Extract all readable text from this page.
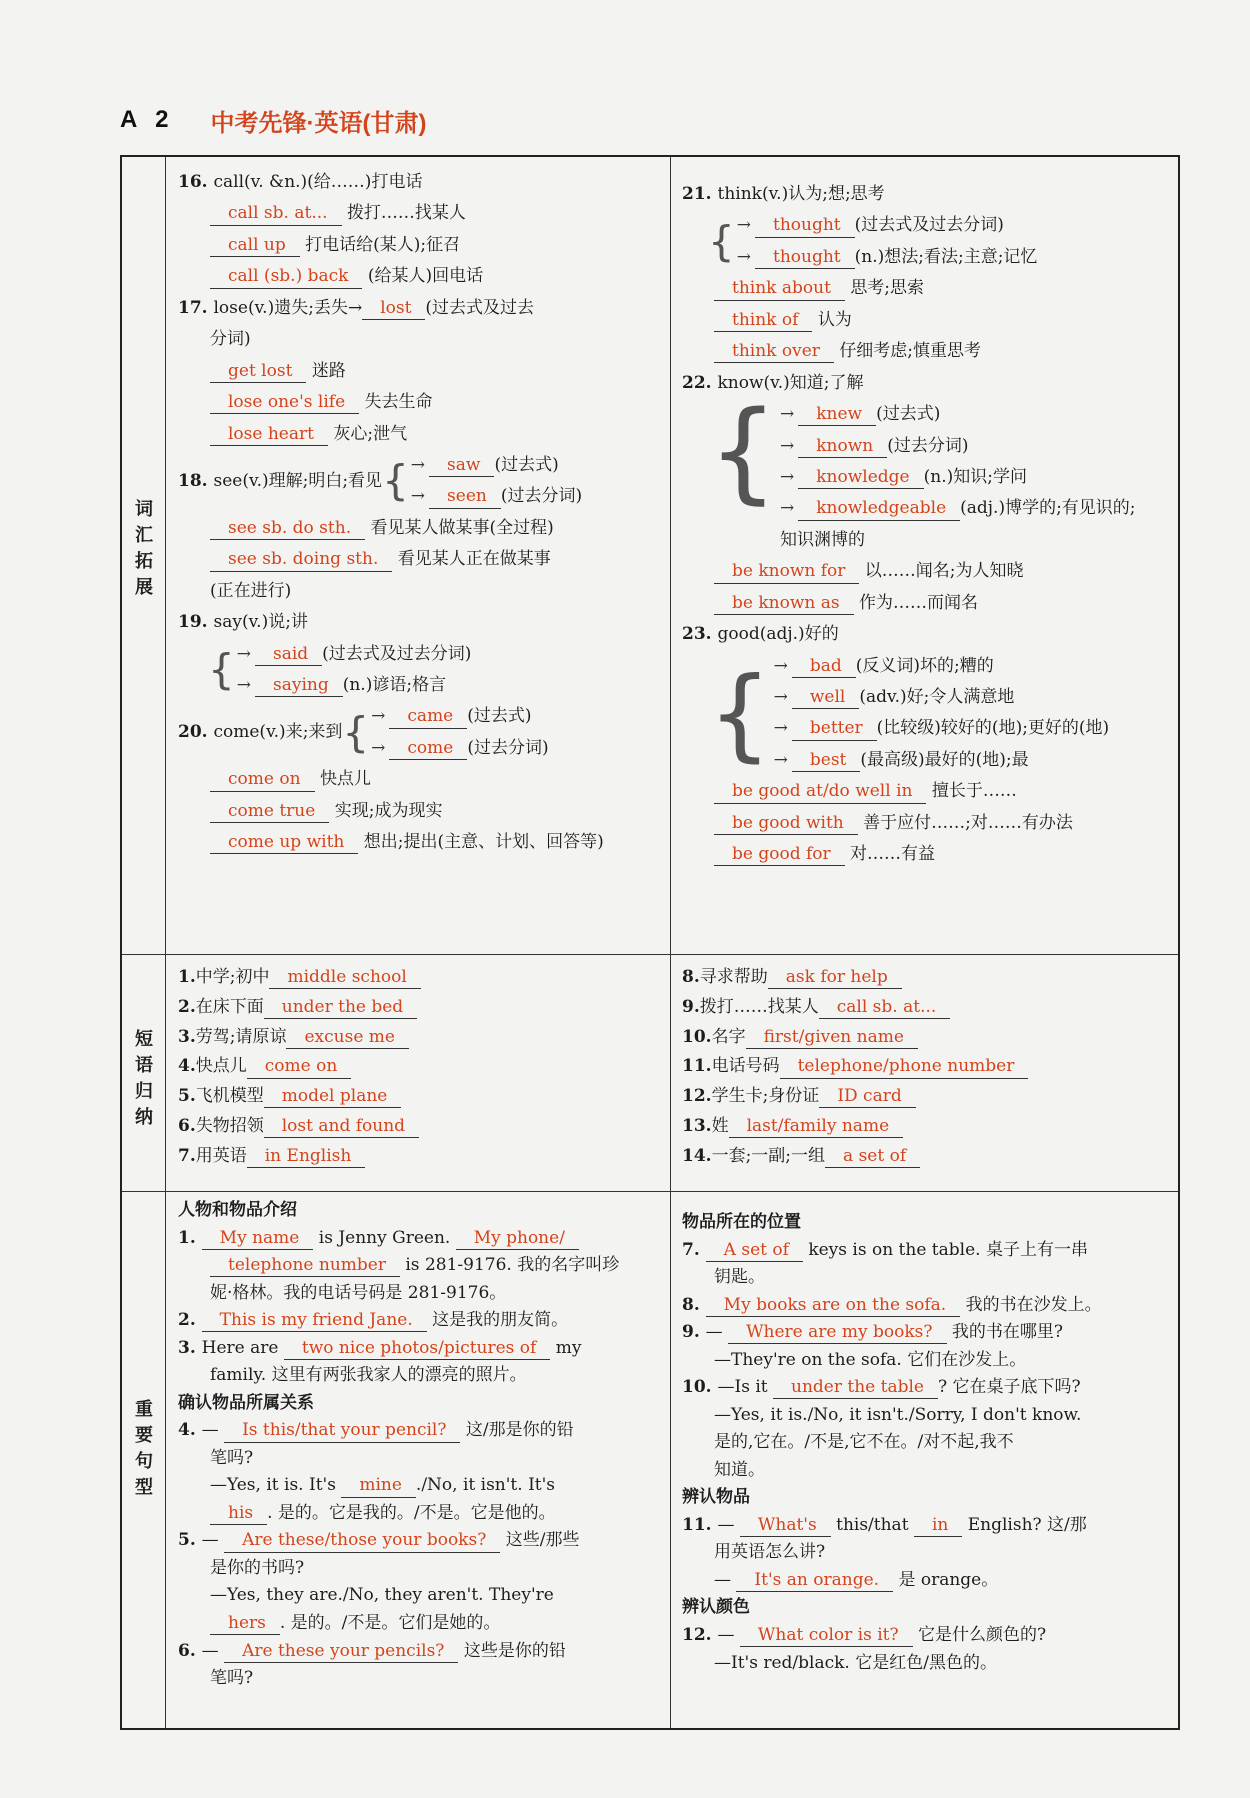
A 2 中考先锋·英语(甘肃)
词汇拓展
短语归纳
重要句型
16. call(v. &n.)(给……)打电话
call sb. at... 拨打……找某人
call up 打电话给(某人);征召
call (sb.) back (给某人)回电话
17. lose(v.)遗失;丢失→ lost (过去式及过去
分词)
get lost 迷路
lose one's life 失去生命
lose heart 灰心;泄气
18. see(v.)理解;明白;看见 { → saw (过去式)
→ seen (过去分词)
see sb. do sth. 看见某人做某事(全过程)
see sb. doing sth. 看见某人正在做某事
(正在进行)
19. say(v.)说;讲
{ → said (过去式及过去分词)
→ saying (n.)谚语;格言
20. come(v.)来;来到 { → came (过去式)
→ come (过去分词)
come on 快点儿
come true 实现;成为现实
come up with 想出;提出(主意、计划、回答等)
21. think(v.)认为;想;思考
{ → thought (过去式及过去分词)
→ thought (n.)想法;看法;主意;记忆
think about 思考;思索
think of 认为
think over 仔细考虑;慎重思考
22. know(v.)知道;了解
{ → knew (过去式)
→ known (过去分词)
→ knowledge (n.)知识;学问
→ knowledgeable (adj.)博学的;有见识的;
知识渊博的
be known for 以……闻名;为人知晓
be known as 作为……而闻名
23. good(adj.)好的
{ → bad (反义词)坏的;糟的
→ well (adv.)好;令人满意地
→ better (比较级)较好的(地);更好的(地)
→ best (最高级)最好的(地);最
be good at/do well in 擅长于……
be good with 善于应付……;对……有办法
be good for 对……有益
1.中学;初中 middle school
2.在床下面 under the bed
3.劳驾;请原谅 excuse me
4.快点儿 come on
5.飞机模型 model plane
6.失物招领 lost and found
7.用英语 in English
8.寻求帮助 ask for help
9.拨打……找某人 call sb. at...
10.名字 first/given name
11.电话号码 telephone/phone number
12.学生卡;身份证 ID card
13.姓 last/family name
14.一套;一副;一组 a set of
人物和物品介绍
1. My name is Jenny Green. My phone/
telephone number is 281-9176. 我的名字叫珍
妮·格林。我的电话号码是 281-9176。
2. This is my friend Jane. 这是我的朋友简。
3. Here are two nice photos/pictures of my
family. 这里有两张我家人的漂亮的照片。
确认物品所属关系
4. — Is this/that your pencil? 这/那是你的铅
笔吗?
—Yes, it is. It's mine ./No, it isn't. It's
his . 是的。它是我的。/不是。它是他的。
5. — Are these/those your books? 这些/那些
是你的书吗?
—Yes, they are./No, they aren't. They're
hers . 是的。/不是。它们是她的。
6. — Are these your pencils? 这些是你的铅
笔吗?
物品所在的位置
7. A set of keys is on the table. 桌子上有一串
钥匙。
8. My books are on the sofa. 我的书在沙发上。
9. — Where are my books? 我的书在哪里?
—They're on the sofa. 它们在沙发上。
10. —Is it under the table ? 它在桌子底下吗?
—Yes, it is./No, it isn't./Sorry, I don't know.
是的,它在。/不是,它不在。/对不起,我不
知道。
辨认物品
11. — What's this/that in English? 这/那
用英语怎么讲?
— It's an orange. 是 orange。
辨认颜色
12. — What color is it? 它是什么颜色的?
—It's red/black. 它是红色/黑色的。
